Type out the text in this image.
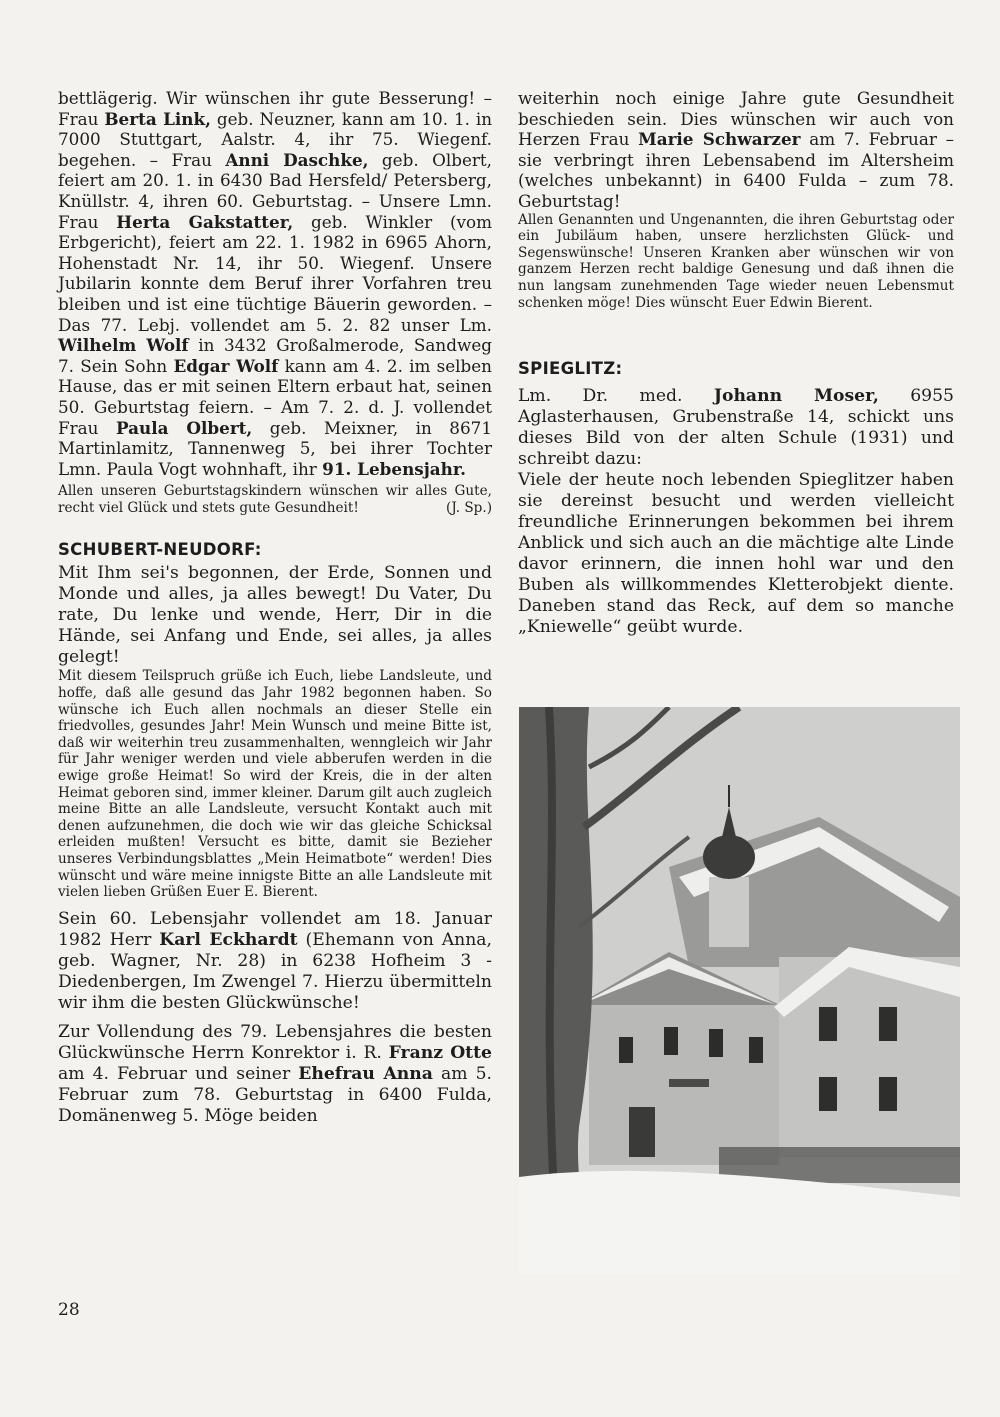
bettlägerig. Wir wünschen ihr gute Besserung! – Frau Berta Link, geb. Neuzner, kann am 10. 1. in 7000 Stuttgart, Aalstr. 4, ihr 75. Wiegenf. begehen. – Frau Anni Daschke, geb. Olbert, feiert am 20. 1. in 6430 Bad Hersfeld/ Petersberg, Knüllstr. 4, ihren 60. Geburtstag. – Unsere Lmn. Frau Herta Gakstatter, geb. Winkler (vom Erbgericht), feiert am 22. 1. 1982 in 6965 Ahorn, Hohenstadt Nr. 14, ihr 50. Wiegenf. Unsere Jubilarin konnte dem Beruf ihrer Vorfahren treu bleiben und ist eine tüchtige Bäuerin geworden. – Das 77. Lebj. vollendet am 5. 2. 82 unser Lm. Wilhelm Wolf in 3432 Großalmerode, Sandweg 7. Sein Sohn Edgar Wolf kann am 4. 2. im selben Hause, das er mit seinen Eltern erbaut hat, seinen 50. Geburtstag feiern. – Am 7. 2. d. J. vollendet Frau Paula Olbert, geb. Meixner, in 8671 Martinlamitz, Tannenweg 5, bei ihrer Tochter Lmn. Paula Vogt wohnhaft, ihr 91. Lebensjahr.

Allen unseren Geburtstagskindern wünschen wir alles Gute, recht viel Glück und stets gute Gesundheit!	(J. Sp.)

SCHUBERT-NEUDORF:

Mit Ihm sei's begonnen, der Erde, Sonnen und Monde und alles, ja alles bewegt! Du Vater, Du rate, Du lenke und wende, Herr, Dir in die Hände, sei Anfang und Ende, sei alles, ja alles gelegt!

Mit diesem Teilspruch grüße ich Euch, liebe Landsleute, und hoffe, daß alle gesund das Jahr 1982 begonnen haben. So wünsche ich Euch allen nochmals an dieser Stelle ein friedvolles, gesundes Jahr! Mein Wunsch und meine Bitte ist, daß wir weiterhin treu zusammenhalten, wenngleich wir Jahr für Jahr weniger werden und viele abberufen werden in die ewige große Heimat! So wird der Kreis, die in der alten Heimat geboren sind, immer kleiner. Darum gilt auch zugleich meine Bitte an alle Landsleute, versucht Kontakt auch mit denen aufzunehmen, die doch wie wir das gleiche Schicksal erleiden mußten! Versucht es bitte, damit sie Bezieher unseres Verbindungsblattes „Mein Heimatbote“ werden! Dies wünscht und wäre meine innigste Bitte an alle Landsleute mit vielen lieben Grüßen Euer E. Bierent.

Sein 60. Lebensjahr vollendet am 18. Januar 1982 Herr Karl Eckhardt (Ehemann von Anna, geb. Wagner, Nr. 28) in 6238 Hofheim 3 - Diedenbergen, Im Zwengel 7. Hierzu übermitteln wir ihm die besten Glückwünsche!

Zur Vollendung des 79. Lebensjahres die besten Glückwünsche Herrn Konrektor i. R. Franz Otte am 4. Februar und seiner Ehefrau Anna am 5. Februar zum 78. Geburtstag in 6400 Fulda, Domänenweg 5. Möge beiden

weiterhin noch einige Jahre gute Gesundheit beschieden sein. Dies wünschen wir auch von Herzen Frau Marie Schwarzer am 7. Februar – sie verbringt ihren Lebensabend im Altersheim (welches unbekannt) in 6400 Fulda – zum 78. Geburtstag!

Allen Genannten und Ungenannten, die ihren Geburtstag oder ein Jubiläum haben, unsere herzlichsten Glück- und Segenswünsche! Unseren Kranken aber wünschen wir von ganzem Herzen recht baldige Genesung und daß ihnen die nun langsam zunehmenden Tage wieder neuen Lebensmut schenken möge! Dies wünscht Euer Edwin Bierent.

SPIEGLITZ:

Lm. Dr. med. Johann Moser, 6955 Aglasterhausen, Grubenstraße 14, schickt uns dieses Bild von der alten Schule (1931) und schreibt dazu:

Viele der heute noch lebenden Spieglitzer haben sie dereinst besucht und werden vielleicht freundliche Erinnerungen bekommen bei ihrem Anblick und sich auch an die mächtige alte Linde davor erinnern, die innen hohl war und den Buben als willkommendes Kletterobjekt diente. Daneben stand das Reck, auf dem so manche „Kniewelle“ geübt wurde.

28
